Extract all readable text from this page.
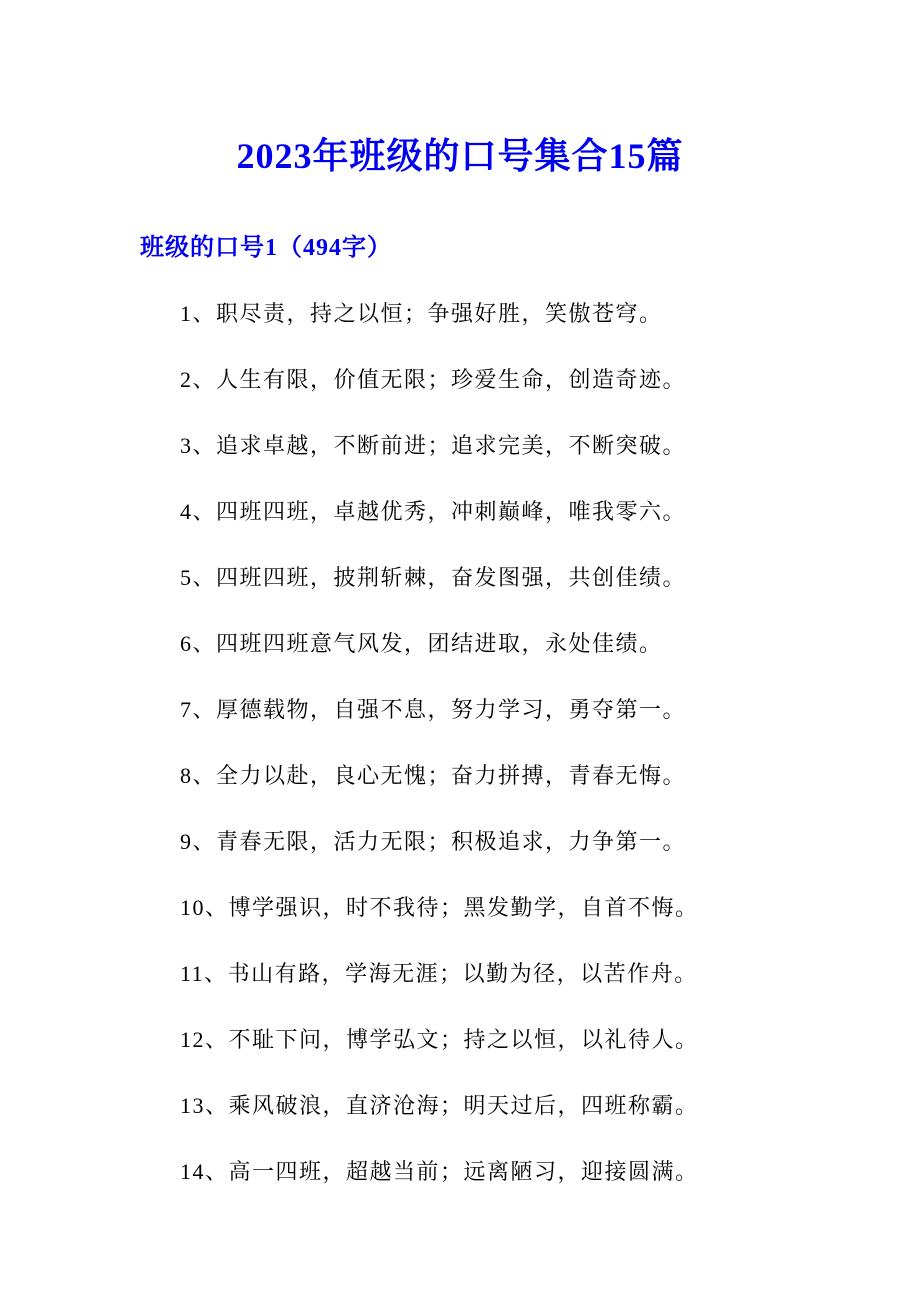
2023年班级的口号集合15篇
班级的口号1（494字）

1、职尽责，持之以恒；争强好胜，笑傲苍穹。

2、人生有限，价值无限；珍爱生命，创造奇迹。

3、追求卓越，不断前进；追求完美，不断突破。

4、四班四班，卓越优秀，冲刺巅峰，唯我零六。

5、四班四班，披荆斩棘，奋发图强，共创佳绩。

6、四班四班意气风发，团结进取，永处佳绩。

7、厚德载物，自强不息，努力学习，勇夺第一。

8、全力以赴，良心无愧；奋力拼搏，青春无悔。

9、青春无限，活力无限；积极追求，力争第一。

10、博学强识，时不我待；黑发勤学，自首不悔。

11、书山有路，学海无涯；以勤为径，以苦作舟。

12、不耻下问，博学弘文；持之以恒，以礼待人。

13、乘风破浪，直济沧海；明天过后，四班称霸。

14、高一四班，超越当前；远离陋习，迎接圆满。
